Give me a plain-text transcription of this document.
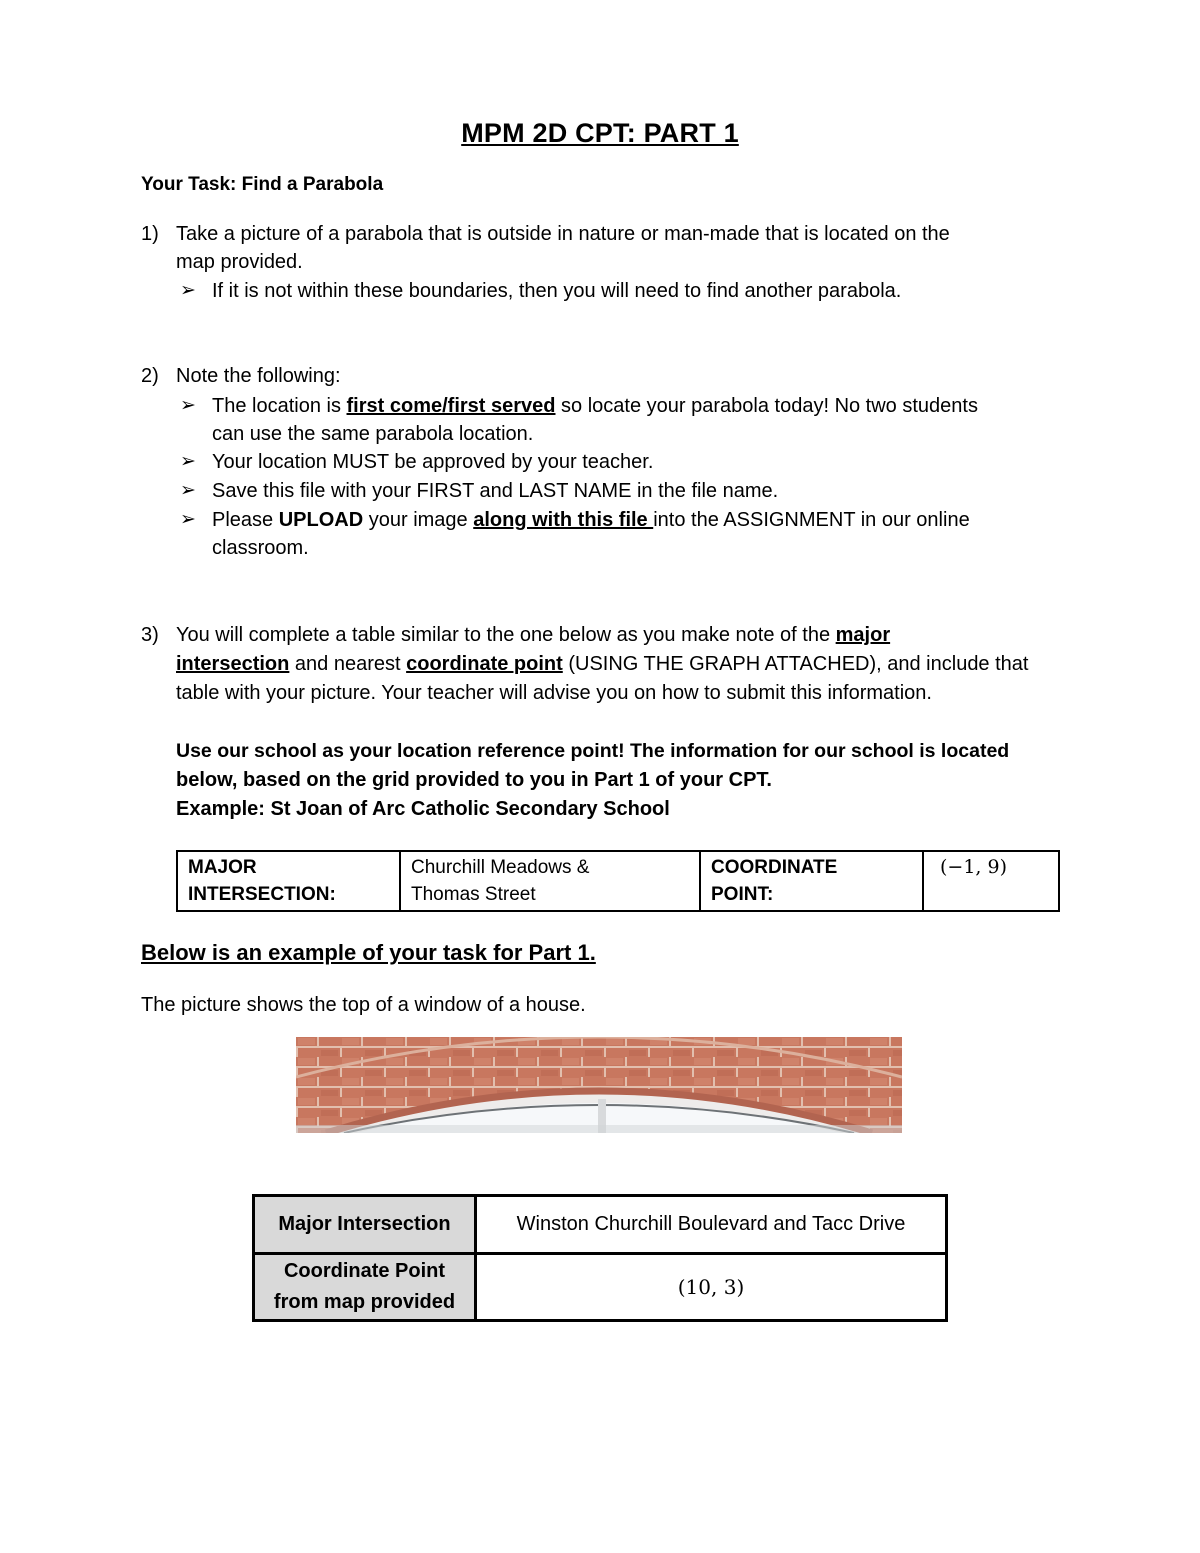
MPM 2D CPT: PART 1
Your Task: Find a Parabola
1) Take a picture of a parabola that is outside in nature or man-made that is located on the
map provided.
➢ If it is not within these boundaries, then you will need to find another parabola.
2) Note the following:
➢ The location is first come/first served so locate your parabola today! No two students
can use the same parabola location.
➢ Your location MUST be approved by your teacher.
➢ Save this file with your FIRST and LAST NAME in the file name.
➢ Please UPLOAD your image along with this file into the ASSIGNMENT in our online
classroom.
3) You will complete a table similar to the one below as you make note of the major
intersection and nearest coordinate point (USING THE GRAPH ATTACHED), and include that
table with your picture. Your teacher will advise you on how to submit this information.
Use our school as your location reference point! The information for our school is located
below, based on the grid provided to you in Part 1 of your CPT.
Example: St Joan of Arc Catholic Secondary School
MAJOR
INTERSECTION:	Churchill Meadows &
Thomas Street	COORDINATE
POINT:	(−1, 9)
Below is an example of your task for Part 1.
The picture shows the top of a window of a house.
Major Intersection	Winston Churchill Boulevard and Tacc Drive
Coordinate Point
from map provided	(10, 3)
